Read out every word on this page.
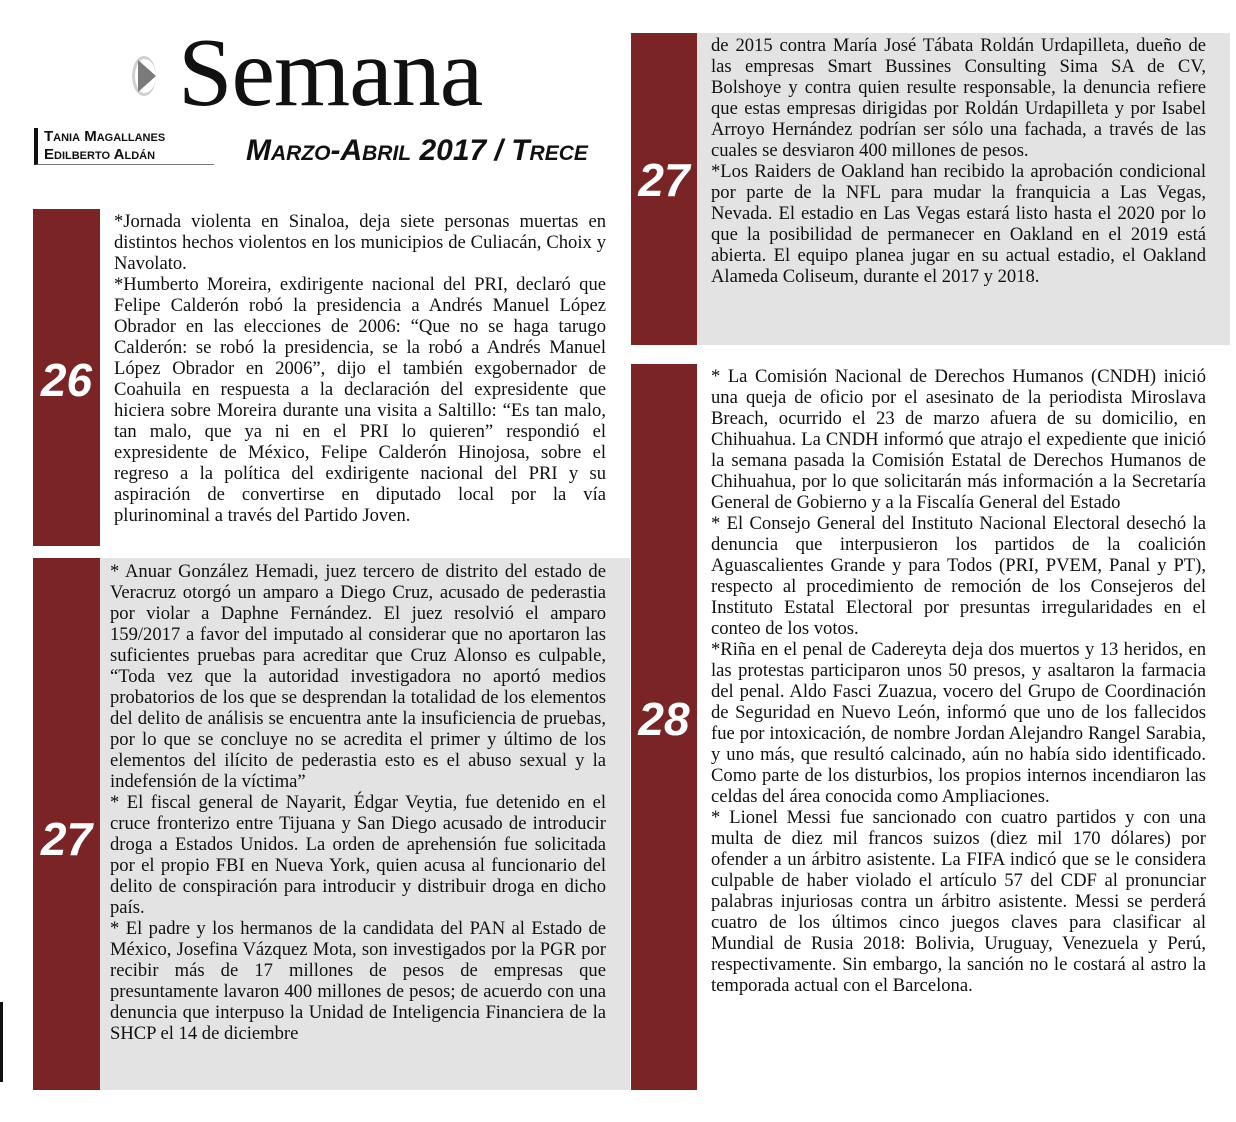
Semana
Tania Magallanes
Edilberto Aldán	Marzo-Abril 2017 / Trece
26

*Jornada violenta en Sinaloa, deja siete personas muertas en distintos hechos violentos en los municipios de Culiacán, Choix y Navolato.

*Humberto Moreira, exdirigente nacional del PRI, declaró que Felipe Calderón robó la presidencia a Andrés Manuel López Obrador en las elecciones de 2006: “Que no se haga tarugo Calderón: se robó la presidencia, se la robó a Andrés Manuel López Obrador en 2006”, dijo el también exgobernador de Coahuila en respuesta a la declaración del expresidente que hiciera sobre Moreira durante una visita a Saltillo: “Es tan malo, tan malo, que ya ni en el PRI lo quieren” respondió el expresidente de México, Felipe Calderón Hinojosa, sobre el regreso a la política del exdirigente nacional del PRI y su aspiración de convertirse en diputado local por la vía plurinominal a través del Partido Joven.

27

* Anuar González Hemadi, juez tercero de distrito del estado de Veracruz otorgó un amparo a Diego Cruz, acusado de pederastia por violar a Daphne Fernández. El juez resolvió el amparo 159/2017 a favor del imputado al considerar que no aportaron las suficientes pruebas para acreditar que Cruz Alonso es culpable, “Toda vez que la autoridad investigadora no aportó medios probatorios de los que se desprendan la totalidad de los elementos del delito de análisis se encuentra ante la insuficiencia de pruebas, por lo que se concluye no se acredita el primer y último de los elementos del ilícito de pederastia esto es el abuso sexual y la indefensión de la víctima”

* El fiscal general de Nayarit, Édgar Veytia, fue detenido en el cruce fronterizo entre Tijuana y San Diego acusado de introducir droga a Estados Unidos. La orden de aprehensión fue solicitada por el propio FBI en Nueva York, quien acusa al funcionario del delito de conspiración para introducir y distribuir droga en dicho país.

* El padre y los hermanos de la candidata del PAN al Estado de México, Josefina Vázquez Mota, son investigados por la PGR por recibir más de 17 millones de pesos de empresas que presuntamente lavaron 400 millones de pesos; de acuerdo con una denuncia que interpuso la Unidad de Inteligencia Financiera de la SHCP el 14 de diciembre

27

de 2015 contra María José Tábata Roldán Urdapilleta, dueño de las empresas Smart Bussines Consulting Sima SA de CV, Bolshoye y contra quien resulte responsable, la denuncia refiere que estas empresas dirigidas por Roldán Urdapilleta y por Isabel Arroyo Hernández podrían ser sólo una fachada, a través de las cuales se desviaron 400 millones de pesos.

*Los Raiders de Oakland han recibido la aprobación condicional por parte de la NFL para mudar la franquicia a Las Vegas, Nevada. El estadio en Las Vegas estará listo hasta el 2020 por lo que la posibilidad de permanecer en Oakland en el 2019 está abierta. El equipo planea jugar en su actual estadio, el Oakland Alameda Coliseum, durante el 2017 y 2018.

28

* La Comisión Nacional de Derechos Humanos (CNDH) inició una queja de oficio por el asesinato de la periodista Miroslava Breach, ocurrido el 23 de marzo afuera de su domicilio, en Chihuahua. La CNDH informó que atrajo el expediente que inició la semana pasada la Comisión Estatal de Derechos Humanos de Chihuahua, por lo que solicitarán más información a la Secretaría General de Gobierno y a la Fiscalía General del Estado

* El Consejo General del Instituto Nacional Electoral desechó la denuncia que interpusieron los partidos de la coalición Aguascalientes Grande y para Todos (PRI, PVEM, Panal y PT), respecto al procedimiento de remoción de los Consejeros del Instituto Estatal Electoral por presuntas irregularidades en el conteo de los votos.

*Riña en el penal de Cadereyta deja dos muertos y 13 heridos, en las protestas participaron unos 50 presos, y asaltaron la farmacia del penal. Aldo Fasci Zuazua, vocero del Grupo de Coordinación de Seguridad en Nuevo León, informó que uno de los fallecidos fue por intoxicación, de nombre Jordan Alejandro Rangel Sarabia, y uno más, que resultó calcinado, aún no había sido identificado. Como parte de los disturbios, los propios internos incendiaron las celdas del área conocida como Ampliaciones.

* Lionel Messi fue sancionado con cuatro partidos y con una multa de diez mil francos suizos (diez mil 170 dólares) por ofender a un árbitro asistente. La FIFA indicó que se le considera culpable de haber violado el artículo 57 del CDF al pronunciar palabras injuriosas contra un árbitro asistente. Messi se perderá cuatro de los últimos cinco juegos claves para clasificar al Mundial de Rusia 2018: Bolivia, Uruguay, Venezuela y Perú, respectivamente. Sin embargo, la sanción no le costará al astro la temporada actual con el Barcelona.
